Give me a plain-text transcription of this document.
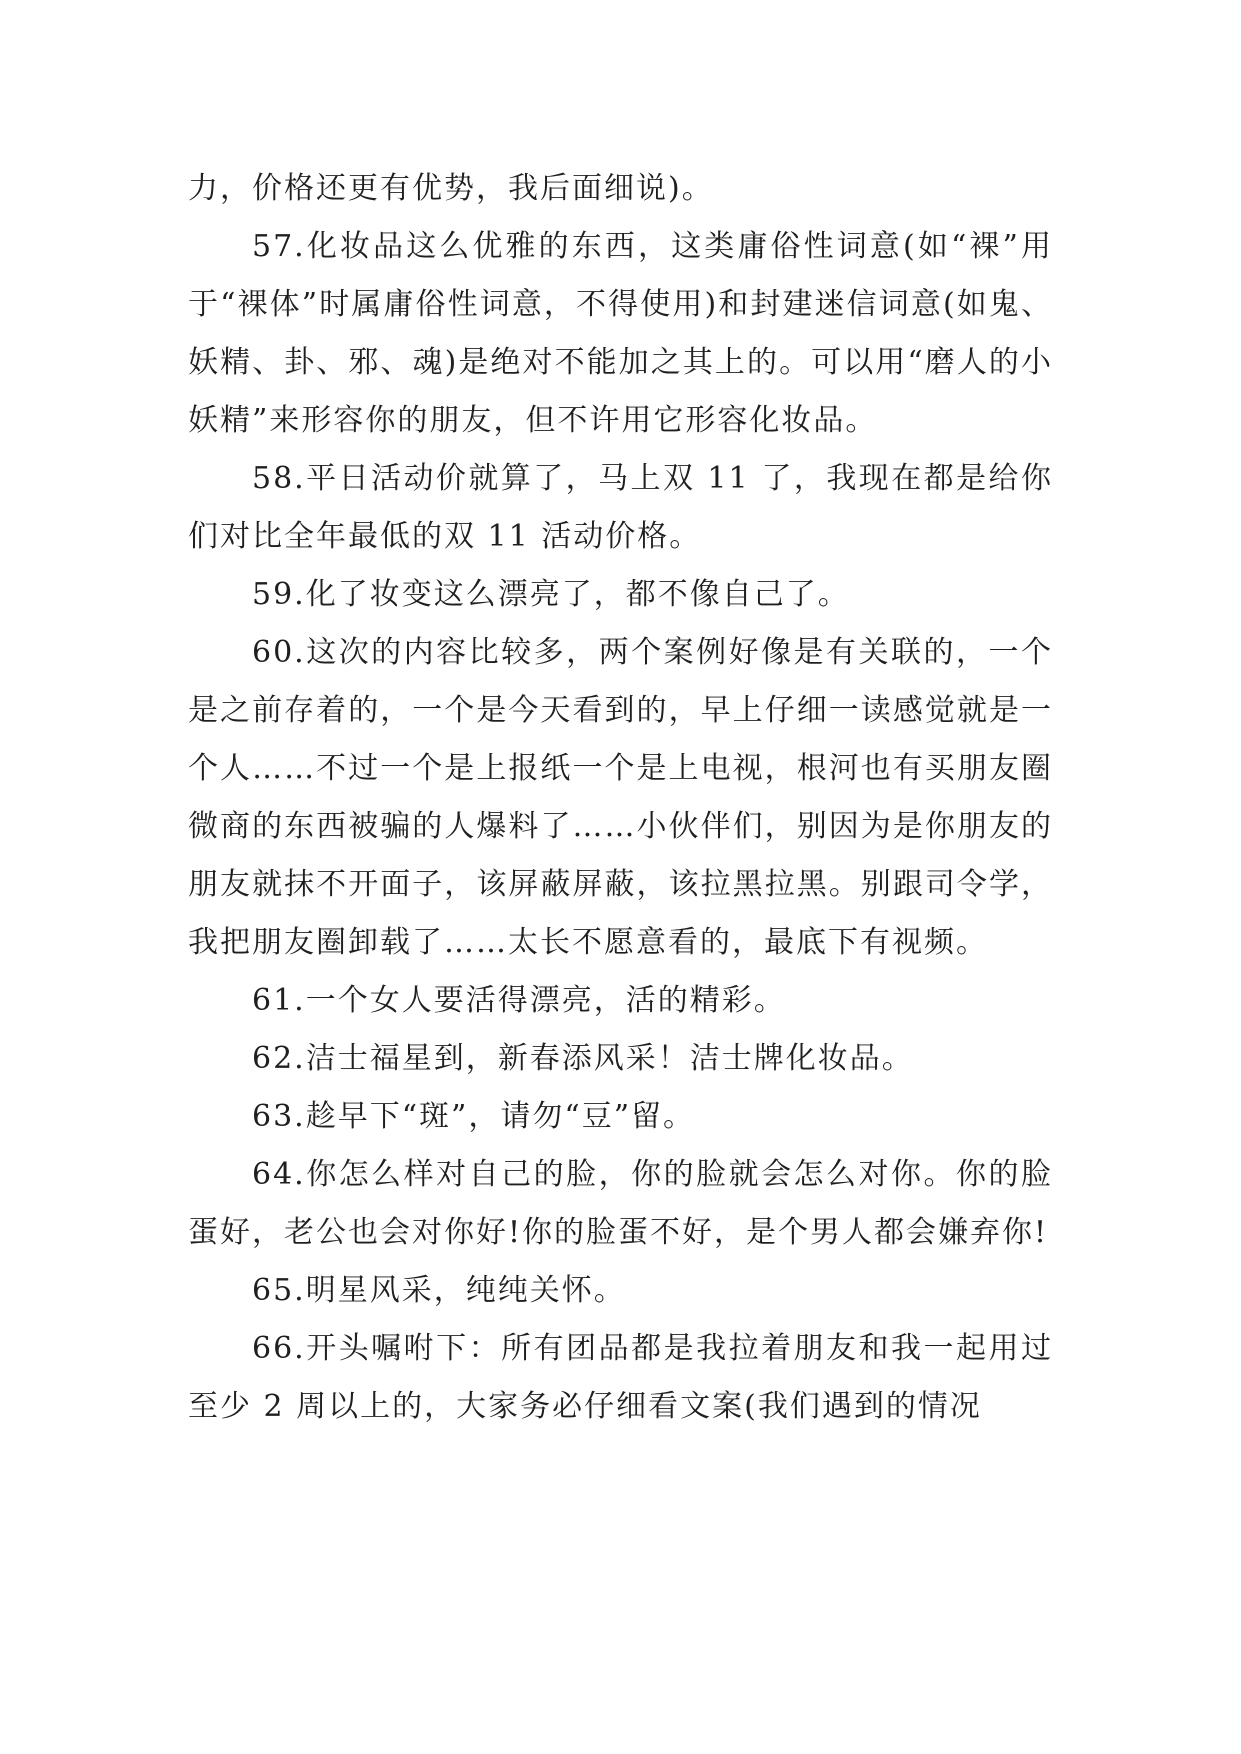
力，价格还更有优势，我后面细说)。

57.化妆品这么优雅的东西，这类庸俗性词意(如“裸”用于“裸体”时属庸俗性词意，不得使用)和封建迷信词意(如鬼、妖精、卦、邪、魂)是绝对不能加之其上的。可以用“磨人的小妖精”来形容你的朋友，但不许用它形容化妆品。

58.平日活动价就算了，马上双 11 了，我现在都是给你们对比全年最低的双 11 活动价格。

59.化了妆变这么漂亮了，都不像自己了。

60.这次的内容比较多，两个案例好像是有关联的，一个是之前存着的，一个是今天看到的，早上仔细一读感觉就是一个人……不过一个是上报纸一个是上电视，根河也有买朋友圈微商的东西被骗的人爆料了……小伙伴们，别因为是你朋友的朋友就抹不开面子，该屏蔽屏蔽，该拉黑拉黑。别跟司令学，我把朋友圈卸载了……太长不愿意看的，最底下有视频。

61.一个女人要活得漂亮，活的精彩。

62.洁士福星到，新春添风采！洁士牌化妆品。

63.趁早下“斑”，请勿“豆”留。

64.你怎么样对自己的脸，你的脸就会怎么对你。你的脸蛋好，老公也会对你好!你的脸蛋不好，是个男人都会嫌弃你!

65.明星风采，纯纯关怀。

66.开头嘱咐下：所有团品都是我拉着朋友和我一起用过至少 2 周以上的，大家务必仔细看文案(我们遇到的情况
